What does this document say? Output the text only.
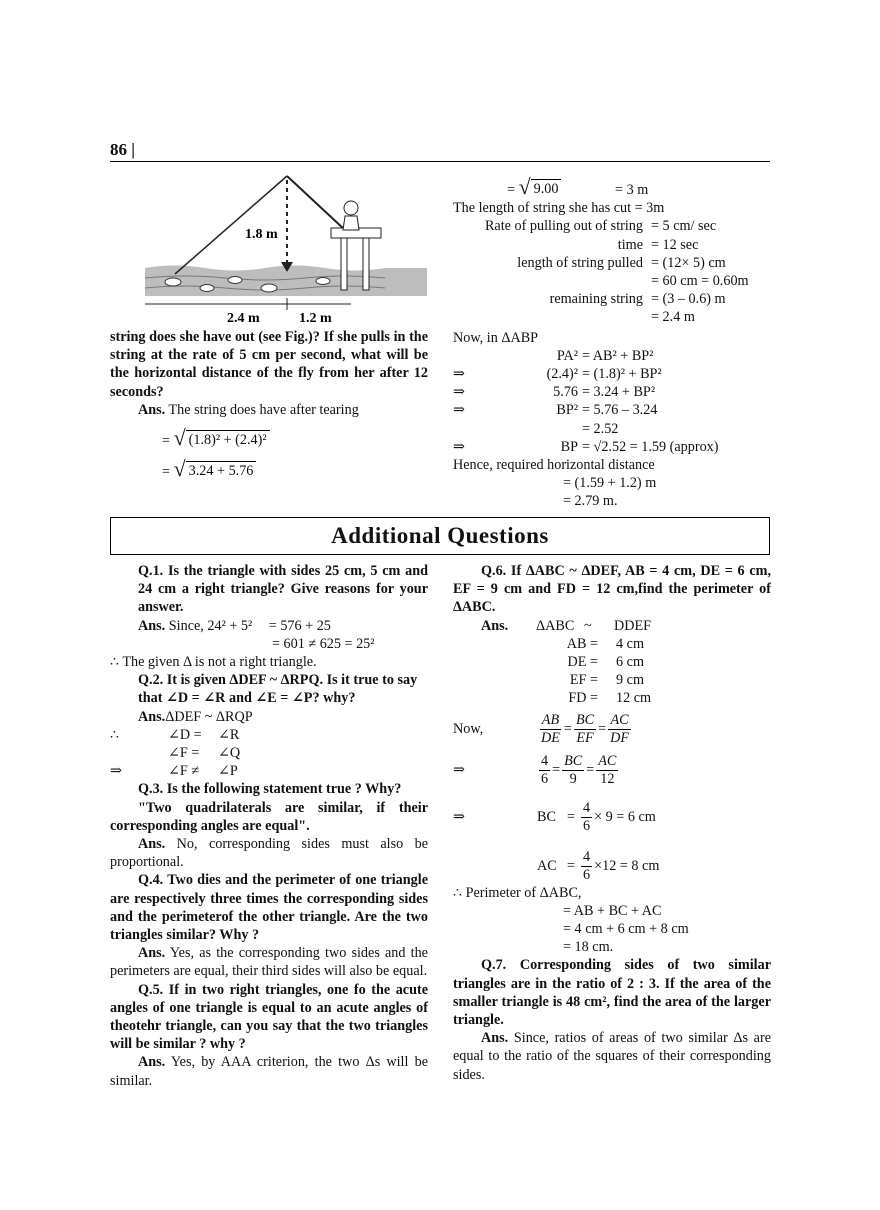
86 |
1.8 m
2.4 m	1.2 m

string does she have out (see Fig.)? If she pulls in the string at the rate of 5 cm per second, what will be the horizontal distance of the fly from her after 12 seconds?

Ans. The string does have after tearing

= √ (1.8)² + (2.4)²

= √ 3.24 + 5.76

= √ 9.00	= 3 m

The length of string she has cut = 3m

Rate of pulling out of string = 5 cm/ sec
time = 12 sec
length of string pulled = (12× 5) cm
= 60 cm = 0.60m
remaining string = (3 – 0.6) m
= 2.4 m

Now, in ΔABP

PA² = AB² + BP²
⇒	(2.4)² = (1.8)² + BP²
⇒	5.76 = 3.24 + BP²
⇒	BP² = 5.76 – 3.24
= 2.52
⇒	BP = √2.52 = 1.59 (approx)

Hence, required horizontal distance

= (1.59 + 1.2) m

= 2.79 m.

Additional Questions

Q.1. Is the triangle with sides 25 cm, 5 cm and 24 cm a right triangle? Give reasons for your answer.

Ans.
Since, 24² + 5²	= 576 + 25

= 601 ≠ 625 = 25²

∴ The given Δ is not a right triangle.

Q.2. It is given ΔDEF ~ ΔRPQ. Is it true to say that ∠D = ∠R and ∠E = ∠P? why?

Ans.ΔDEF ~ ΔRQP

∴	∠D =	∠R
∠F =	∠Q
⇒	∠F ≠	∠P

Q.3. Is the following statement true ? Why?

"Two quadrilaterals are similar, if their corresponding angles are equal".

Ans. No, corresponding sides must also be proportional.

Q.4. Two dies and the perimeter of one triangle are respectively three times the corresponding sides and the perimeterof the other triangle. Are the two triangles similar? Why ?

Ans. Yes, as the corresponding two sides and the perimeters are equal, their third sides will also be equal.

Q.5. If in two right triangles, one fo the acute angles of one triangle is equal to an acute angles of theotehr triangle, can you say that the two triangles will be similar ? why ?

Ans. Yes, by AAA criterion, the two Δs will be similar.

Q.6. If ΔABC ~ ΔDEF, AB = 4 cm, DE = 6 cm, EF = 9 cm and FD = 12 cm,find the perimeter of ΔABC.

Ans.	ΔABC ~	DDEF
AB =	4 cm
DE =	6 cm
EF =	9 cm
FD =	12 cm
Now,	$\frac{AB}{DE} = \frac{BC}{EF} = \frac{AC}{DF}$
⇒	$\frac{4}{6} = \frac{BC}{9} = \frac{AC}{12}$
⇒	BC = $\frac{4}{6} \times 9 = 6$ cm
AC = $\frac{4}{6} \times 12 = 8$ cm

∴ Perimeter of ΔABC,

= AB + BC + AC

= 4 cm + 6 cm + 8 cm

= 18 cm.

Q.7. Corresponding sides of two similar triangles are in the ratio of 2 : 3. If the area of the smaller triangle is 48 cm², find the area of the larger triangle.

Ans. Since, ratios of areas of two similar Δs are equal to the ratio of the squares of their corresponding sides.
